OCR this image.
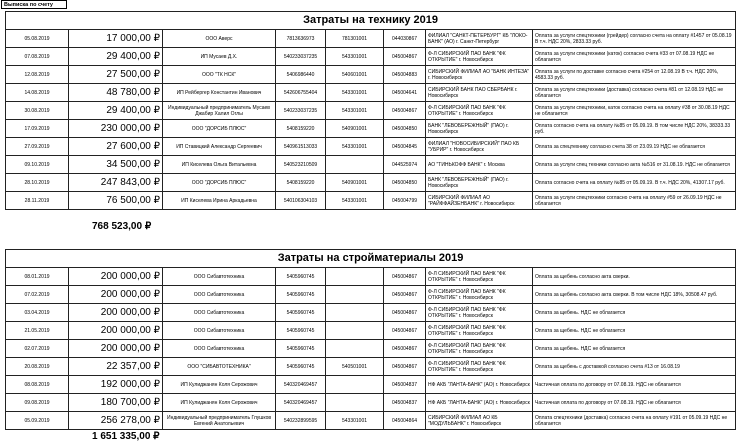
Выписка по счету
Затраты на технику 2019							
05.08.2019	17 000,00 ₽	ООО Аверс	7813636973	781301001	044030867	ФИЛИАЛ "САНКТ-ПЕТЕРБУРГ" КБ "ЛОКО-БАНК" (АО) г. Санкт-Петербург	Оплата за услуги спецтехники (грейдер) согласно счета на оплату #1457 от 05.08.19 В т.ч. НДС 20%, 2833.33 руб.
07.08.2019	29 400,00 ₽	ИП Мусаев Д.Х.	540233037235	543301001	045004867	Ф-Л СИБИРСКИЙ ПАО БАНК "ФК ОТКРЫТИЕ" г. Новосибирск	Оплата за услуги спецтехники (каток) согласно счета #33 от 07.08.19 НДС не облагается
12.08.2019	27 500,00 ₽	ООО "ТК НСК"	5406986440	540601001	045004883	СИБИРСКИЙ ФИЛИАЛ АО "БАНК ИНТЕЗА" г. Новосибирск	Оплата за услуги по доставке согласно счета #254 от 12.08.19 В т.ч. НДС 20%, 4583.33 руб.
14.08.2019	48 780,00 ₽	ИП Рейбергер Константин Иванович	542606755404	543301001	045004641	СИБИРСКИЙ БАНК ПАО СБЕРБАНК г. Новосибирск	Оплата за услуги спецтехники (доставка) согласно счета #81 от 12.08.19 НДС не облагается
30.08.2019	29 400,00 ₽	Индивидуальный предприниматель Мусаев Джабир Халил Оглы	540233037235	543301001	045004867	Ф-Л СИБИРСКИЙ ПАО БАНК "ФК ОТКРЫТИЕ" г. Новосибирск	Оплата за услуги спецтехники, каток согласно счета на оплату #38 от 30.08.19 НДС не облагается
17.09.2019	230 000,00 ₽	ООО "ДОРСИБ ПЛЮС"	5408159220	540901001	045004850	БАНК "ЛЕВОБЕРЕЖНЫЙ" (ПАО) г. Новосибирск	Оплата согласно счета на оплату №85 от 05.09.19. В том числе НДС 20%, 38333.33 руб.
27.09.2019	27 600,00 ₽	ИП Ставицкий Александр Сергеевич	540961513033	543301001	045004845	ФИЛИАЛ "НОВОСИБИРСКИЙ" ПАО КБ "УБРИР" г. Новосибирск	Оплата за спецтехнику согласно счета 38 от 23.09.19 НДС не облагается
09.10.2019	34 500,00 ₽	ИП Киселева Ольга Витальевна	540523210509		044525974	АО "ТИНЬКОФФ БАНК" г. Москва	Оплата за услуги спец техники согласно акта №516 от 31.08.19. НДС не облагается
28.10.2019	247 843,00 ₽	ООО "ДОРСИБ ПЛЮС"	5408159220	540901001	045004850	БАНК "ЛЕВОБЕРЕЖНЫЙ" (ПАО) г. Новосибирск	Оплата согласно счета на оплату №85 от 05.09.19. В т.ч. НДС 20%, 41307.17 руб.
28.11.2019	76 500,00 ₽	ИП Киселева Ирина Аркадьевна	540106304103	543301001	045004799	СИБИРСКИЙ ФИЛИАЛ АО "РАЙФФАЙЗЕНБАНК" г. Новосибирск	Оплата за услуги спецтехники согласно счета на оплату #59 от 26.09.19 НДС не облагается
768 523,00 ₽
Затраты на стройматериалы 2019							
08.01.2019	200 000,00 ₽	ООО Сибавтотехника	5405960745		045004867	Ф-Л СИБИРСКИЙ ПАО БАНК "ФК ОТКРЫТИЕ" г. Новосибирск	Оплата за щебень согласно акта сверки.
07.02.2019	200 000,00 ₽	ООО Сибавтотехника	5405960745		045004867	Ф-Л СИБИРСКИЙ ПАО БАНК "ФК ОТКРЫТИЕ" г. Новосибирск	Оплата за щебень согласно акта сверки. В том числе НДС 18%, 30508.47 руб.
03.04.2019	200 000,00 ₽	ООО Сибавтотехника	5405960745		045004867	Ф-Л СИБИРСКИЙ ПАО БАНК "ФК ОТКРЫТИЕ" г. Новосибирск	Оплата за щебень. НДС не облагается
21.05.2019	200 000,00 ₽	ООО Сибавтотехника	5405960745		045004867	Ф-Л СИБИРСКИЙ ПАО БАНК "ФК ОТКРЫТИЕ" г. Новосибирск	Оплата за щебень. НДС не облагается
02.07.2019	200 000,00 ₽	ООО Сибавтотехника	5405960745		045004867	Ф-Л СИБИРСКИЙ ПАО БАНК "ФК ОТКРЫТИЕ" г. Новосибирск	Оплата за щебень. НДС не облагается
20.08.2019	22 357,00 ₽	ООО "СИБАВТОТЕХНИКА"	5405960745	540501001	045004867	Ф-Л СИБИРСКИЙ ПАО БАНК "ФК ОТКРЫТИЕ" г. Новосибирск	Оплата за щебень с доставкой согласно счета #13 от 16.08.19
08.08.2019	192 000,00 ₽	ИП Кулиджанян Коля Серожович	540320469457		045004837	НФ АКБ "ЛАНТА-БАНК" (АО) г. Новосибирск	Частичная оплата по договору от 07.08.19. НДС не облагается
09.08.2019	180 700,00 ₽	ИП Кулиджанян Коля Серожович	540320469457		045004837	НФ АКБ "ЛАНТА-БАНК" (АО) г. Новосибирск	Частичная оплата по договору от 07.08.19. НДС не облагается
05.09.2019	256 278,00 ₽	Индивидуальный предприниматель Глушков Евгений Анатольевич	540232899595	543301001	045004864	СИБИРСКИЙ ФИЛИАЛ АО КБ "МОДУЛЬБАНК" г. Новосибирск	Оплата спецтехники (доставка) согласно счета на оплату #191 от 05.09.19 НДС не облагается
1 651 335,00 ₽
